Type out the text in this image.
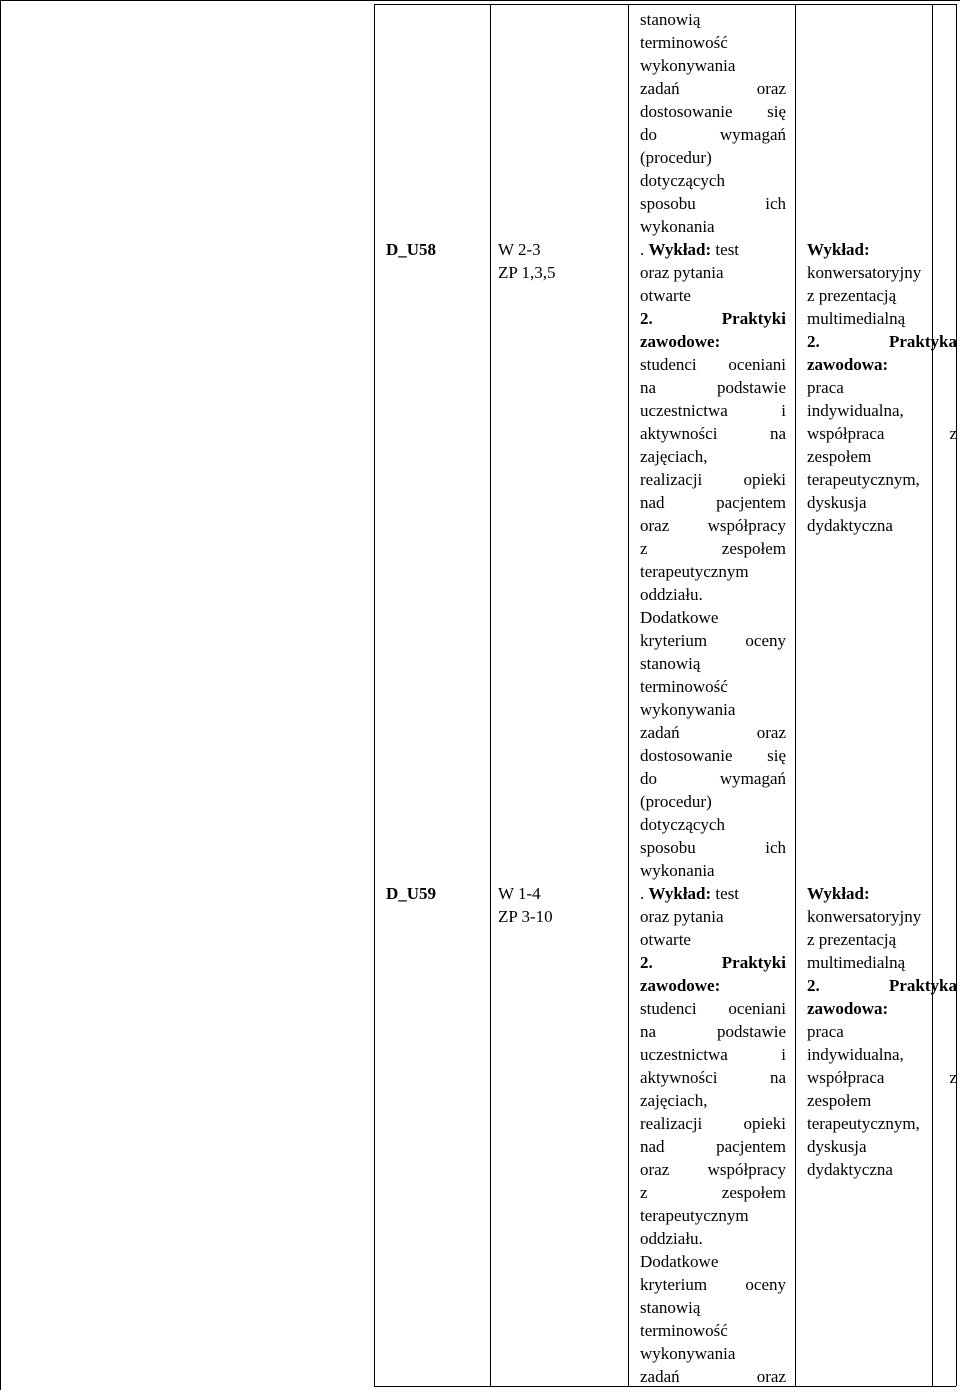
stanowią
terminowość
wykonywania
zadań oraz
dostosowanie się
do wymagań
(procedur)
dotyczących
sposobu ich
wykonania
D_U58	W 2-3
ZP 1,3,5
. Wykład: test
oraz pytania
otwarte
2. Praktyki
zawodowe:
studenci oceniani
na podstawie
uczestnictwa i
aktywności na
zajęciach,
realizacji opieki
nad pacjentem
oraz współpracy
z zespołem
terapeutycznym
oddziału.
Dodatkowe
kryterium oceny
stanowią
terminowość
wykonywania
zadań oraz
dostosowanie się
do wymagań
(procedur)
dotyczących
sposobu ich
wykonania
Wykład:
konwersatoryjny
z prezentacją
multimedialną
2. Praktyka
zawodowa:
praca
indywidualna,
współpraca z
zespołem
terapeutycznym,
dyskusja
dydaktyczna
D_U59	W 1-4
ZP 3-10
. Wykład: test
oraz pytania
otwarte
2. Praktyki
zawodowe:
studenci oceniani
na podstawie
uczestnictwa i
aktywności na
zajęciach,
realizacji opieki
nad pacjentem
oraz współpracy
z zespołem
terapeutycznym
oddziału.
Dodatkowe
kryterium oceny
stanowią
terminowość
wykonywania
zadań oraz
Wykład:
konwersatoryjny
z prezentacją
multimedialną
2. Praktyka
zawodowa:
praca
indywidualna,
współpraca z
zespołem
terapeutycznym,
dyskusja
dydaktyczna
